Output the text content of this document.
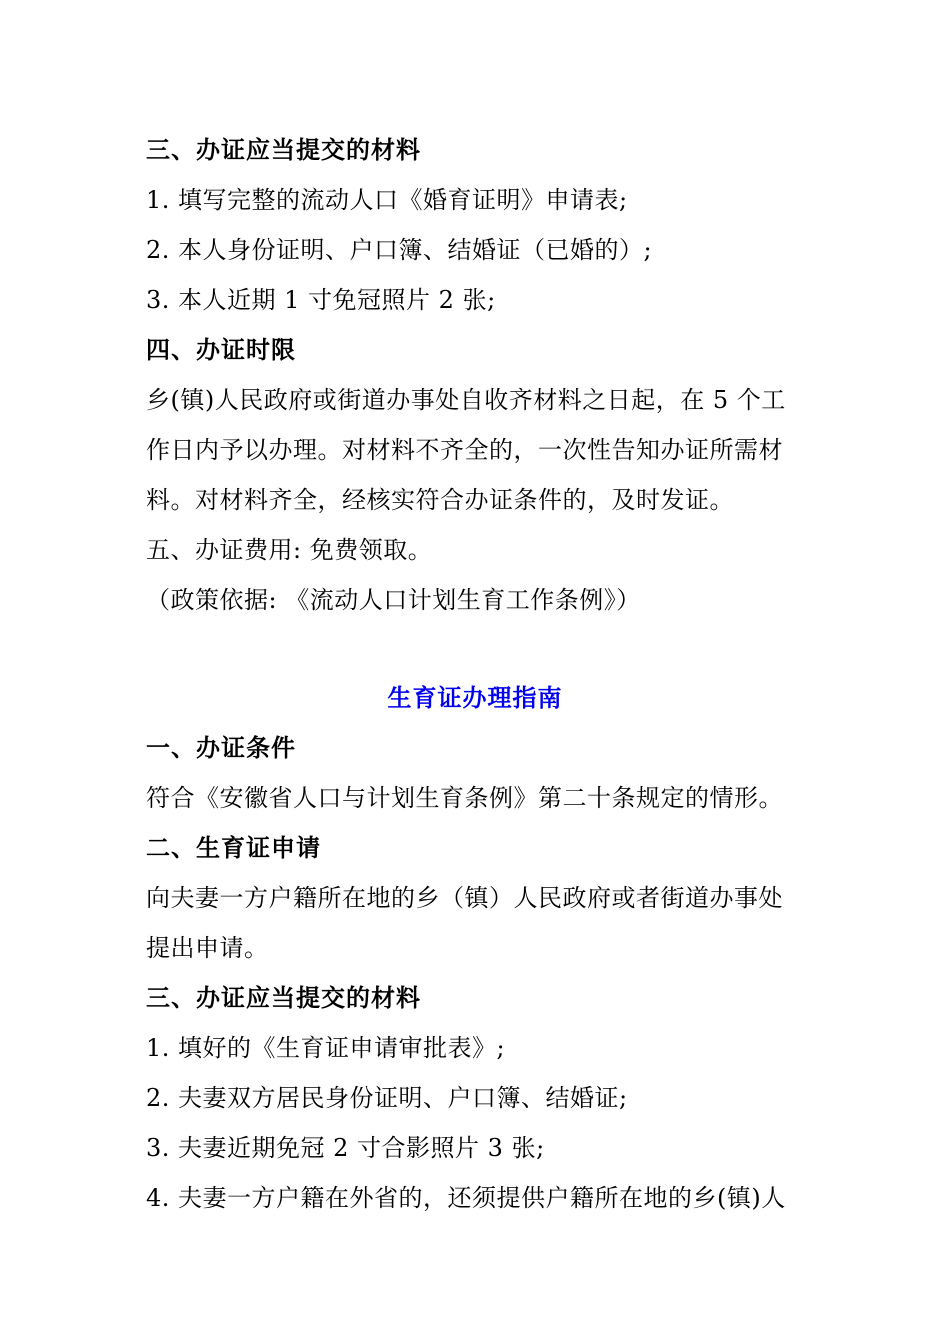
三、办证应当提交的材料
1. 填写完整的流动人口《婚育证明》申请表;
2. 本人身份证明、户口簿、结婚证（已婚的）;
3. 本人近期 1 寸免冠照片 2 张;
四、办证时限
乡(镇)人民政府或街道办事处自收齐材料之日起，在 5 个工
作日内予以办理。对材料不齐全的，一次性告知办证所需材
料。对材料齐全，经核实符合办证条件的，及时发证。
五、办证费用: 免费领取。
（政策依据: 《流动人口计划生育工作条例》）
生育证办理指南
一、办证条件
符合《安徽省人口与计划生育条例》第二十条规定的情形。
二、生育证申请
向夫妻一方户籍所在地的乡（镇）人民政府或者街道办事处
提出申请。
三、办证应当提交的材料
1. 填好的《生育证申请审批表》;
2. 夫妻双方居民身份证明、户口簿、结婚证;
3. 夫妻近期免冠 2 寸合影照片 3 张;
4. 夫妻一方户籍在外省的，还须提供户籍所在地的乡(镇)人
